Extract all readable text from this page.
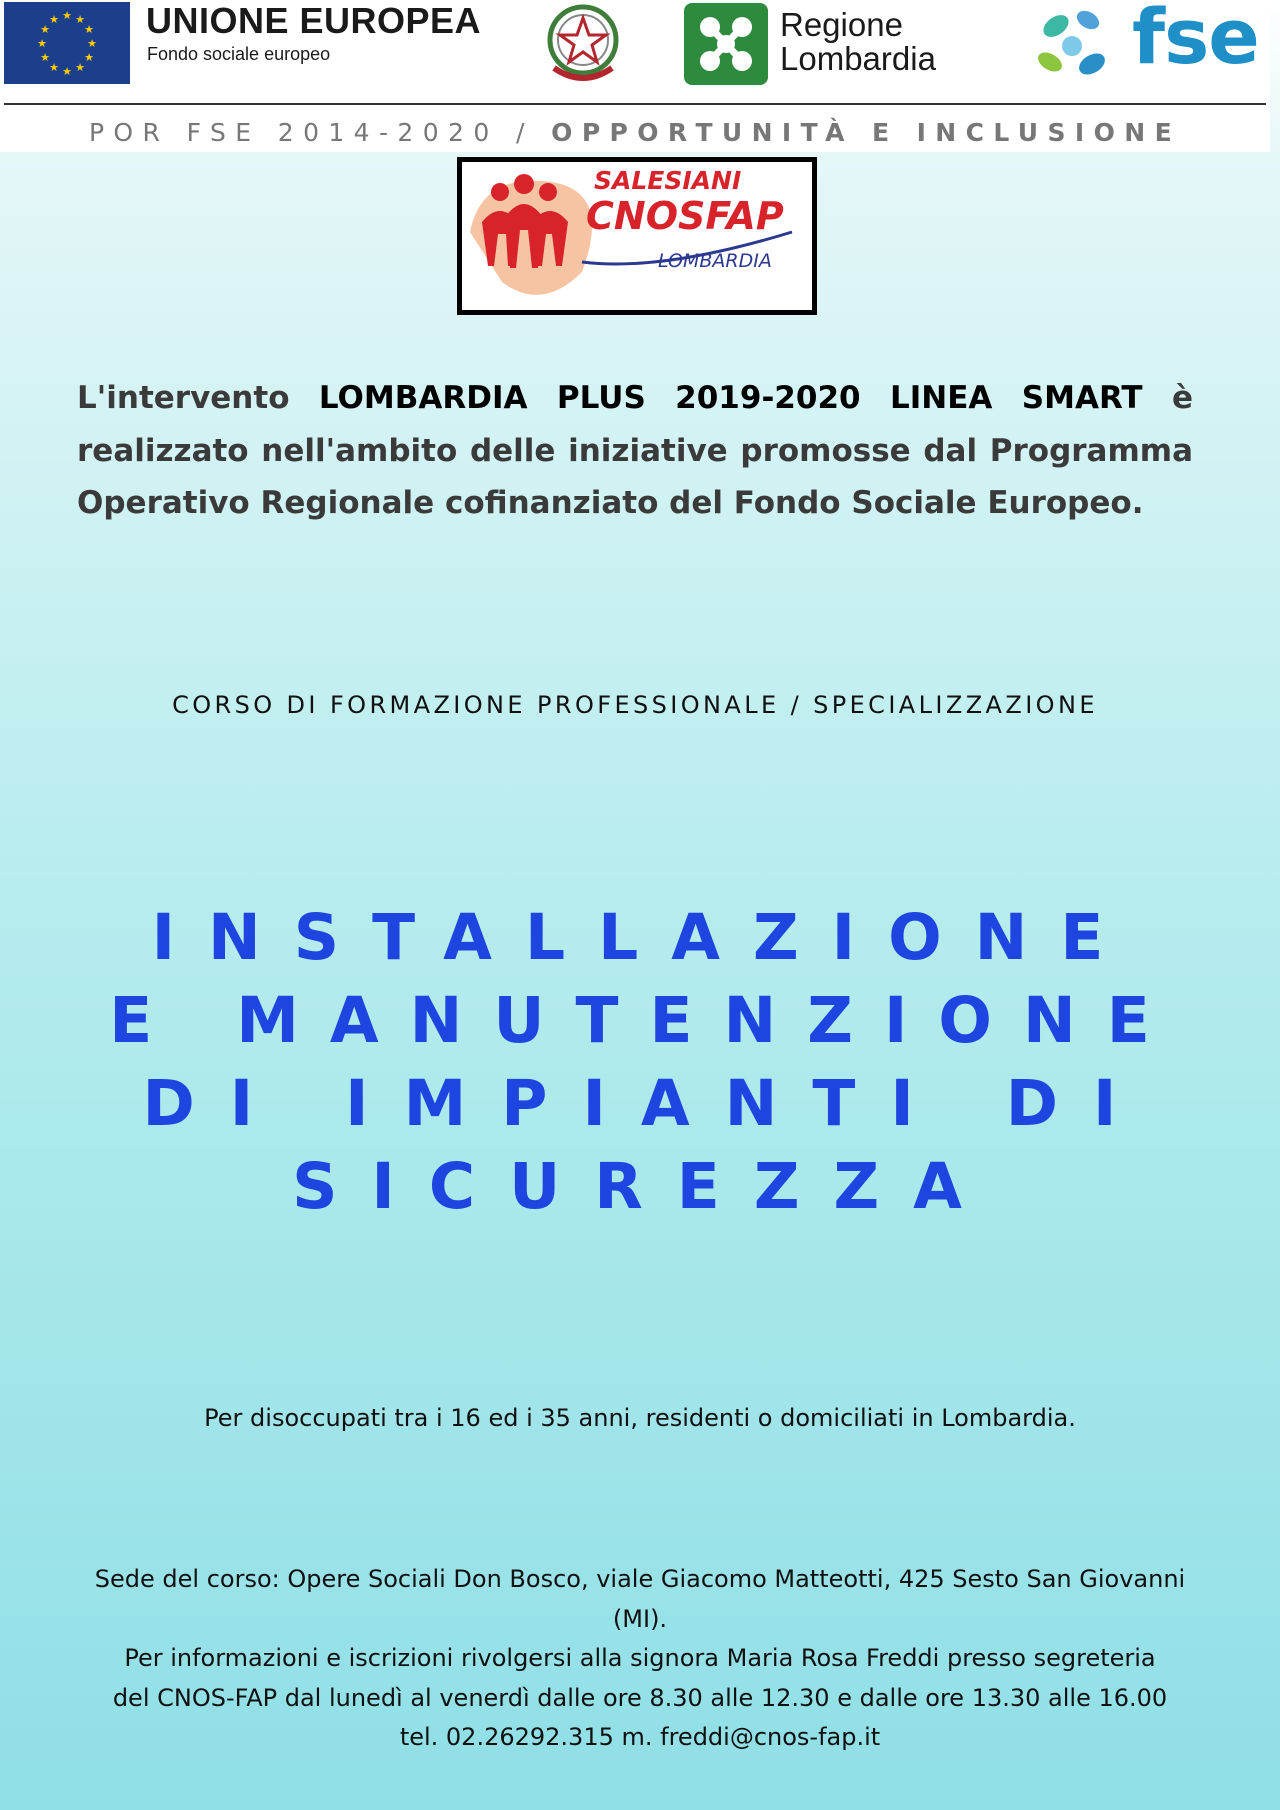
★ ★
★
★
★
★
★
★
★
★
★
★ UNIONE EUROPEA
Fondo sociale europeo
Regione
Lombardia	fse
POR FSE 2014-2020 / OPPORTUNITÀ E INCLUSIONE
SALESIANI
CNOSFAP
LOMBARDIA
L'intervento LOMBARDIA PLUS 2019-2020 LINEA SMART è realizzato nell'ambito delle iniziative promosse dal Programma Operativo Regionale cofinanziato del Fondo Sociale Europeo.
CORSO DI FORMAZIONE PROFESSIONALE / SPECIALIZZAZIONE
INSTALLAZIONE
E MANUTENZIONE
DI IMPIANTI DI
SICUREZZA
Per disoccupati tra i 16 ed i 35 anni, residenti o domiciliati in Lombardia.
Sede del corso: Opere Sociali Don Bosco, viale Giacomo Matteotti, 425 Sesto San Giovanni
(MI).
Per informazioni e iscrizioni rivolgersi alla signora Maria Rosa Freddi presso segreteria
del CNOS-FAP dal lunedì al venerdì dalle ore 8.30 alle 12.30 e dalle ore 13.30 alle 16.00
tel. 02.26292.315 m. freddi@cnos-fap.it
